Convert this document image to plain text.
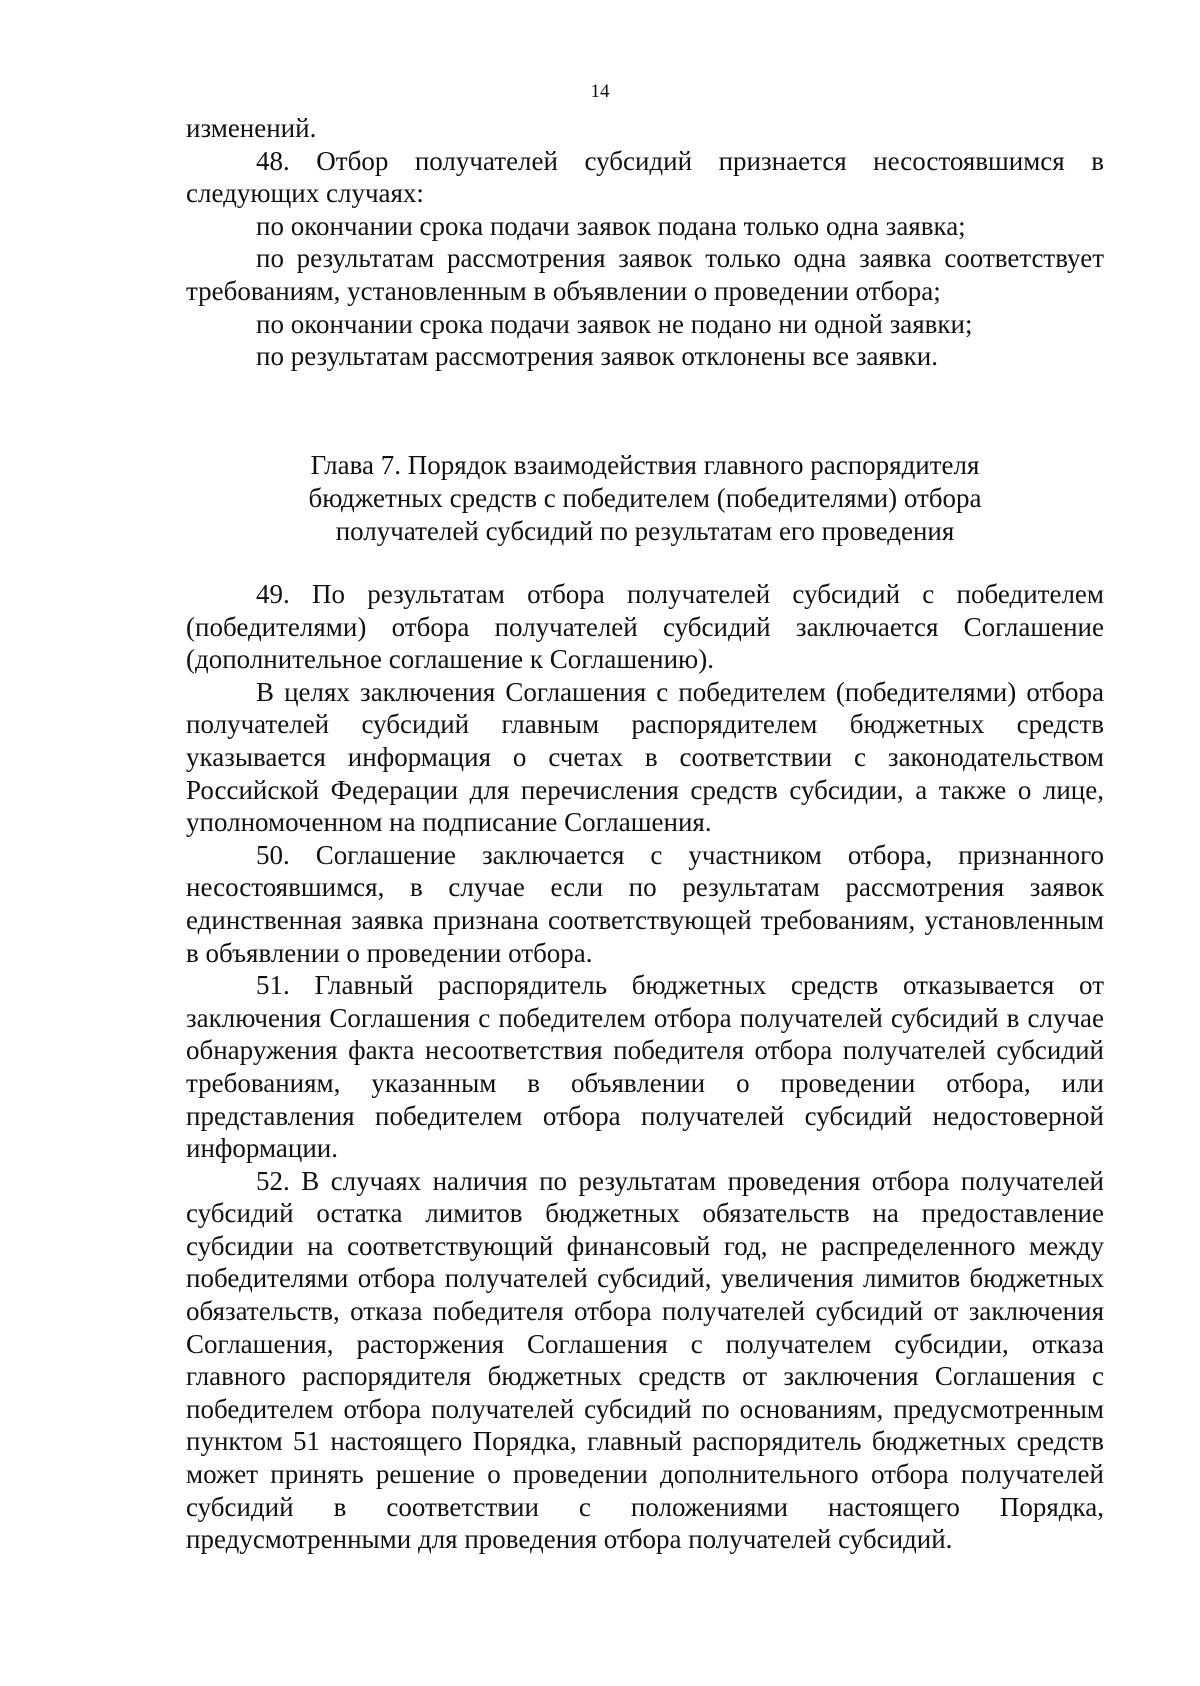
14

изменений.

48. Отбор получателей субсидий признается несостоявшимся в следующих случаях:

по окончании срока подачи заявок подана только одна заявка;

по результатам рассмотрения заявок только одна заявка соответствует требованиям, установленным в объявлении о проведении отбора;

по окончании срока подачи заявок не подано ни одной заявки;

по результатам рассмотрения заявок отклонены все заявки.

Глава 7. Порядок взаимодействия главного распорядителя
бюджетных средств с победителем (победителями) отбора
получателей субсидий по результатам его проведения

49. По результатам отбора получателей субсидий с победителем (победителями) отбора получателей субсидий заключается Соглашение (дополнительное соглашение к Соглашению).

В целях заключения Соглашения с победителем (победителями) отбора получателей субсидий главным распорядителем бюджетных средств указывается информация о счетах в соответствии с законодательством Российской Федерации для перечисления средств субсидии, а также о лице, уполномоченном на подписание Соглашения.

50. Соглашение заключается с участником отбора, признанного несостоявшимся, в случае если по результатам рассмотрения заявок единственная заявка признана соответствующей требованиям, установленным в объявлении о проведении отбора.

51. Главный распорядитель бюджетных средств отказывается от заключения Соглашения с победителем отбора получателей субсидий в случае обнаружения факта несоответствия победителя отбора получателей субсидий требованиям, указанным в объявлении о проведении отбора, или представления победителем отбора получателей субсидий недостоверной информации.

52. В случаях наличия по результатам проведения отбора получателей субсидий остатка лимитов бюджетных обязательств на предоставление субсидии на соответствующий финансовый год, не распределенного между победителями отбора получателей субсидий, увеличения лимитов бюджетных обязательств, отказа победителя отбора получателей субсидий от заключения Соглашения, расторжения Соглашения с получателем субсидии, отказа главного распорядителя бюджетных средств от заключения Соглашения с победителем отбора получателей субсидий по основаниям, предусмотренным пунктом 51 настоящего Порядка, главный распорядитель бюджетных средств может принять решение о проведении дополнительного отбора получателей субсидий в соответствии с положениями настоящего Порядка, предусмотренными для проведения отбора получателей субсидий.
